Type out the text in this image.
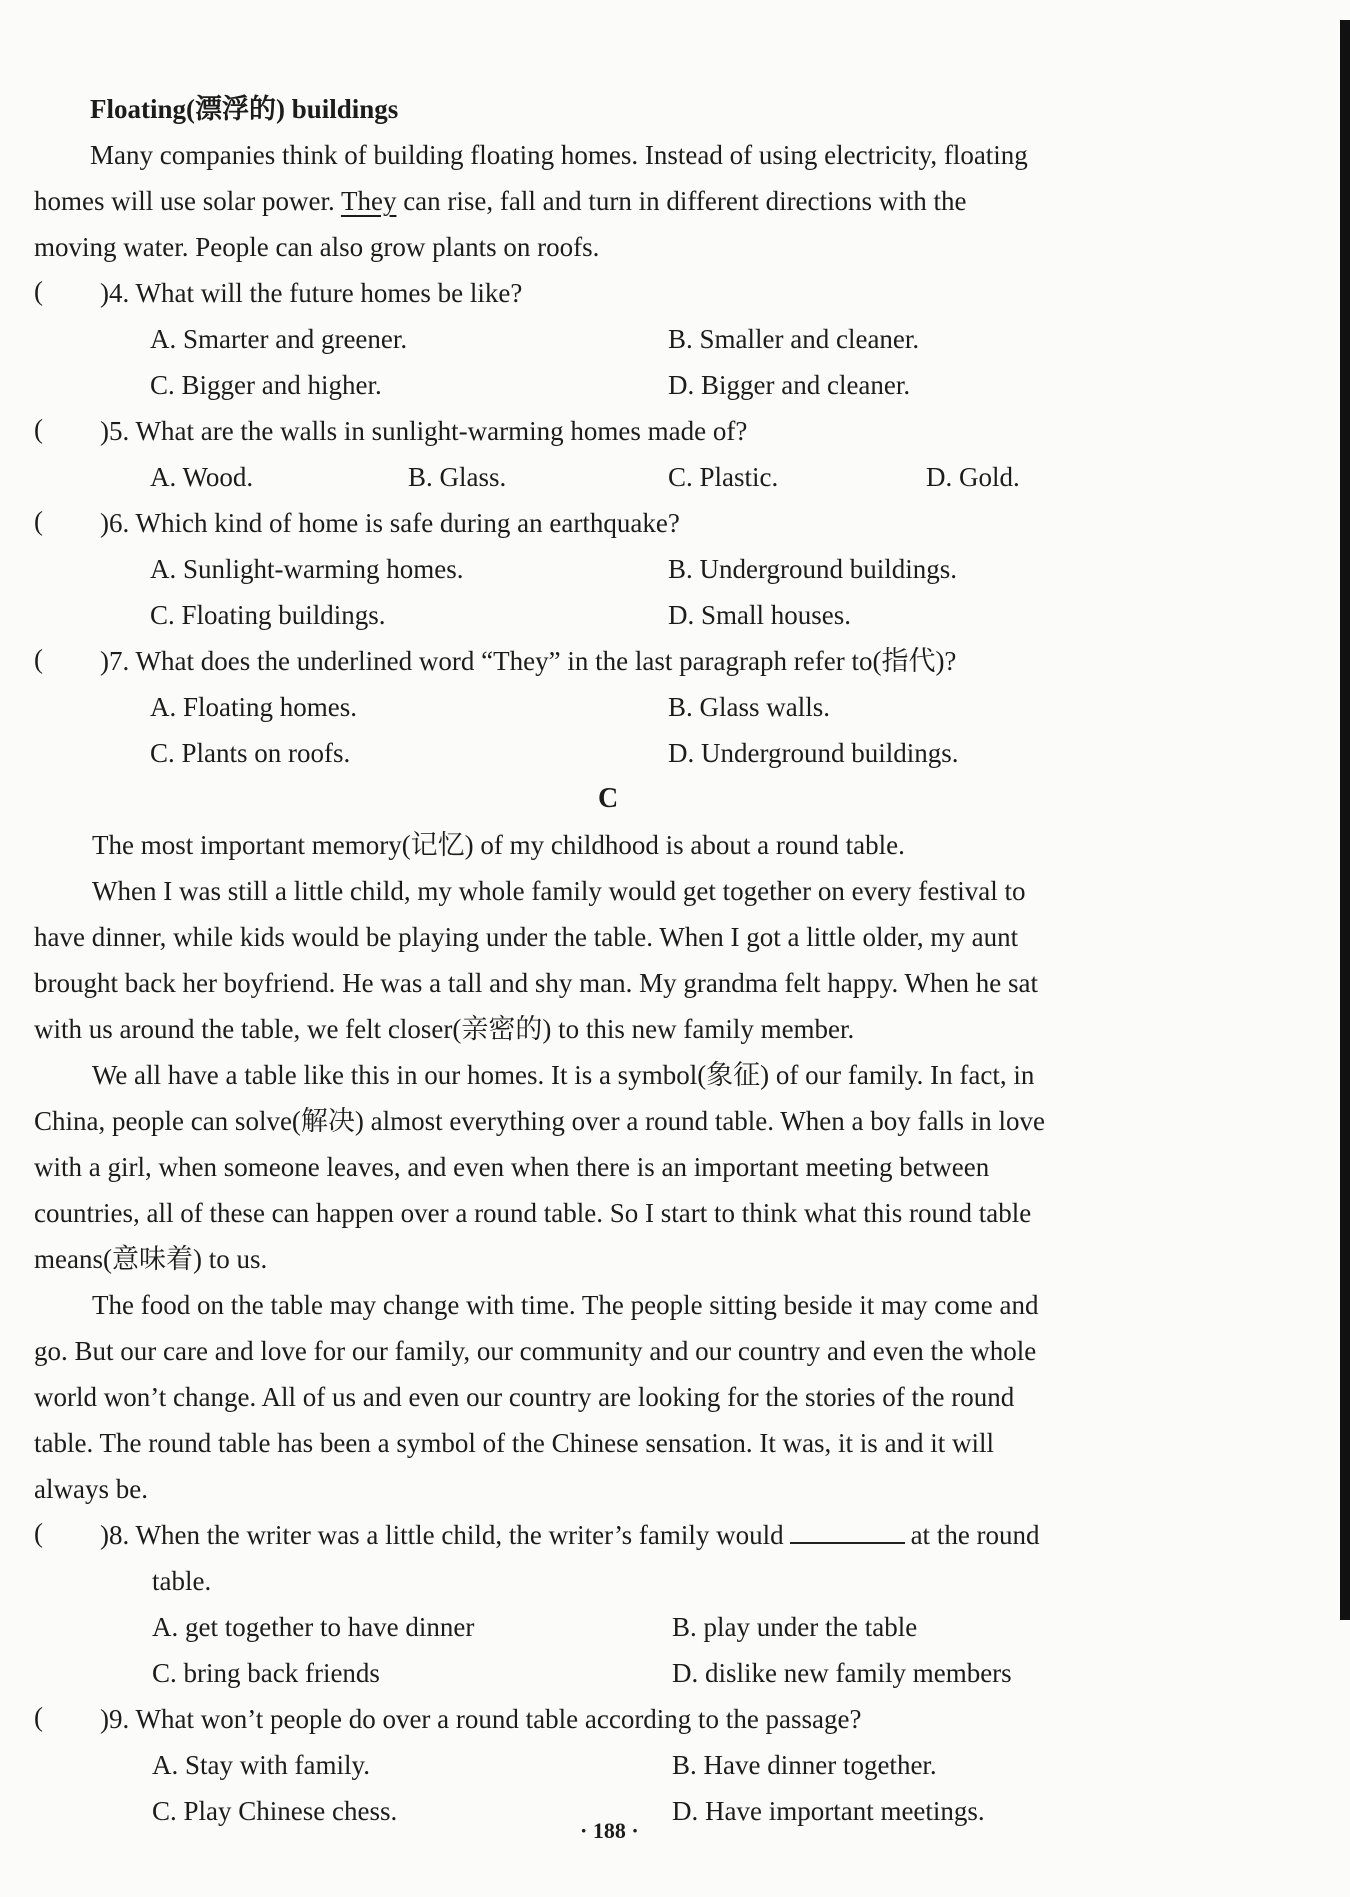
Floating(漂浮的) buildings
Many companies think of building floating homes. Instead of using electricity, floating
homes will use solar power. They can rise, fall and turn in different directions with the
moving water. People can also grow plants on roofs.
( )4. What will the future homes be like?
A. Smarter and greener.	B. Smaller and cleaner.
C. Bigger and higher.	D. Bigger and cleaner.
( )5. What are the walls in sunlight-warming homes made of?
A. Wood.	B. Glass.	C. Plastic.	D. Gold.
( )6. Which kind of home is safe during an earthquake?
A. Sunlight-warming homes.	B. Underground buildings.
C. Floating buildings.	D. Small houses.
( )7. What does the underlined word “They” in the last paragraph refer to(指代)?
A. Floating homes.	B. Glass walls.
C. Plants on roofs.	D. Underground buildings.
C
The most important memory(记忆) of my childhood is about a round table.
When I was still a little child, my whole family would get together on every festival to
have dinner, while kids would be playing under the table. When I got a little older, my aunt
brought back her boyfriend. He was a tall and shy man. My grandma felt happy. When he sat
with us around the table, we felt closer(亲密的) to this new family member.
We all have a table like this in our homes. It is a symbol(象征) of our family. In fact, in
China, people can solve(解决) almost everything over a round table. When a boy falls in love
with a girl, when someone leaves, and even when there is an important meeting between
countries, all of these can happen over a round table. So I start to think what this round table
means(意味着) to us.
The food on the table may change with time. The people sitting beside it may come and
go. But our care and love for our family, our community and our country and even the whole
world won’t change. All of us and even our country are looking for the stories of the round
table. The round table has been a symbol of the Chinese sensation. It was, it is and it will
always be.
( )8. When the writer was a little child, the writer’s family would	at the round
table.
A. get together to have dinner	B. play under the table
C. bring back friends	D. dislike new family members
( )9. What won’t people do over a round table according to the passage?
A. Stay with family.	B. Have dinner together.
C. Play Chinese chess.	D. Have important meetings.
· 188 ·
